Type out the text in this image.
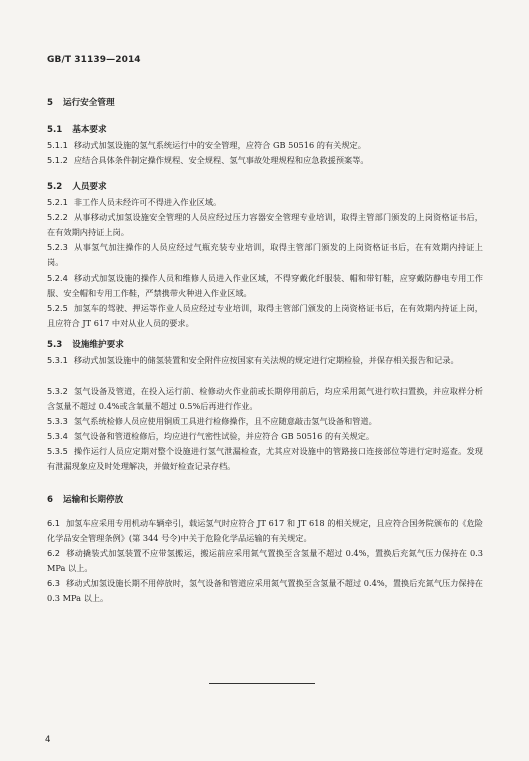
GB/T 31139—2014
5 运行安全管理
5.1 基本要求
5.1.1 移动式加氢设施的氢气系统运行中的安全管理，应符合 GB 50516 的有关规定。
5.1.2 应结合具体条件制定操作规程、安全规程、氢气事故处理规程和应急救援预案等。
5.2 人员要求
5.2.1 非工作人员未经许可不得进入作业区域。
5.2.2 从事移动式加氢设施安全管理的人员应经过压力容器安全管理专业培训，取得主管部门颁发的上岗资格证书后，在有效期内持证上岗。
5.2.3 从事氢气加注操作的人员应经过气瓶充装专业培训，取得主管部门颁发的上岗资格证书后，在有效期内持证上岗。
5.2.4 移动式加氢设施的操作人员和维修人员进入作业区域，不得穿戴化纤服装、帽和带钉鞋，应穿戴防静电专用工作服、安全帽和专用工作鞋，严禁携带火种进入作业区域。
5.2.5 加氢车的驾驶、押运等作业人员应经过专业培训，取得主管部门颁发的上岗资格证书后，在有效期内持证上岗，且应符合 JT 617 中对从业人员的要求。
5.3 设施维护要求
5.3.1 移动式加氢设施中的储氢装置和安全附件应按国家有关法规的规定进行定期检验，并保存相关报告和记录。
5.3.2 氢气设备及管道，在投入运行前、检修动火作业前或长期停用前后，均应采用氮气进行吹扫置换，并应取样分析含氢量不超过 0.4%或含氧量不超过 0.5%后再进行作业。
5.3.3 氢气系统检修人员应使用铜质工具进行检修操作，且不应随意敲击氢气设备和管道。
5.3.4 氢气设备和管道检修后，均应进行气密性试验，并应符合 GB 50516 的有关规定。
5.3.5 操作运行人员应定期对整个设施进行氢气泄漏检查，尤其应对设施中的管路接口连接部位等进行定时巡查。发现有泄漏现象应及时处理解决，并做好检查记录存档。
6 运输和长期停放
6.1 加氢车应采用专用机动车辆牵引，载运氢气时应符合 JT 617 和 JT 618 的相关规定，且应符合国务院颁布的《危险化学品安全管理条例》(第 344 号令)中关于危险化学品运输的有关规定。
6.2 移动撬装式加氢装置不应带氢搬运，搬运前应采用氮气置换至含氢量不超过 0.4%，置换后充氮气压力保持在 0.3 MPa 以上。
6.3 移动式加氢设施长期不用停放时，氢气设备和管道应采用氮气置换至含氢量不超过 0.4%，置换后充氮气压力保持在 0.3 MPa 以上。
4
